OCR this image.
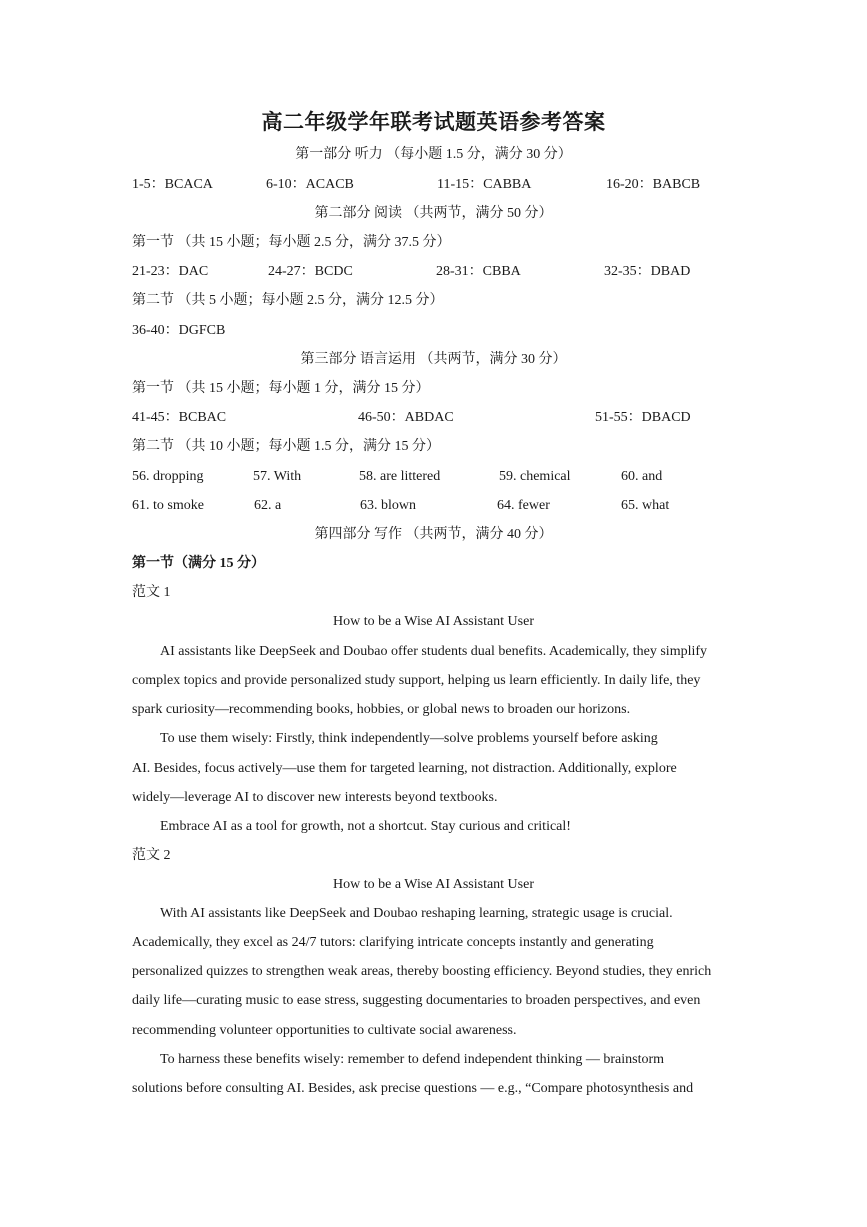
高二年级学年联考试题英语参考答案
第一部分 听力 （每小题 1.5 分，满分 30 分）
1-5：BCACA	6-10：ACACB	11-15：CABBA	16-20：BABCB
第二部分 阅读 （共两节，满分 50 分）
第一节 （共 15 小题；每小题 2.5 分，满分 37.5 分）
21-23：DAC	24-27：BCDC	28-31：CBBA	32-35：DBAD
第二节 （共 5 小题；每小题 2.5 分，满分 12.5 分）
36-40：DGFCB
第三部分 语言运用 （共两节，满分 30 分）
第一节 （共 15 小题；每小题 1 分，满分 15 分）
41-45：BCBAC	46-50：ABDAC	51-55：DBACD
第二节 （共 10 小题；每小题 1.5 分，满分 15 分）
56. dropping	57. With	58. are littered	59. chemical	60. and
61. to smoke	62. a	63. blown	64. fewer	65. what
第四部分 写作 （共两节，满分 40 分）
第一节（满分 15 分）
范文 1
How to be a Wise AI Assistant User
AI assistants like DeepSeek and Doubao offer students dual benefits. Academically, they simplify
complex topics and provide personalized study support, helping us learn efficiently. In daily life, they
spark curiosity—recommending books, hobbies, or global news to broaden our horizons.
To use them wisely: Firstly, think independently—solve problems yourself before asking
AI. Besides, focus actively—use them for targeted learning, not distraction. Additionally, explore
widely—leverage AI to discover new interests beyond textbooks.
Embrace AI as a tool for growth, not a shortcut. Stay curious and critical!
范文 2
How to be a Wise AI Assistant User
With AI assistants like DeepSeek and Doubao reshaping learning, strategic usage is crucial.
Academically, they excel as 24/7 tutors: clarifying intricate concepts instantly and generating
personalized quizzes to strengthen weak areas, thereby boosting efficiency. Beyond studies, they enrich
daily life—curating music to ease stress, suggesting documentaries to broaden perspectives, and even
recommending volunteer opportunities to cultivate social awareness.
To harness these benefits wisely: remember to defend independent thinking — brainstorm
solutions before consulting AI. Besides, ask precise questions — e.g., “Compare photosynthesis and
